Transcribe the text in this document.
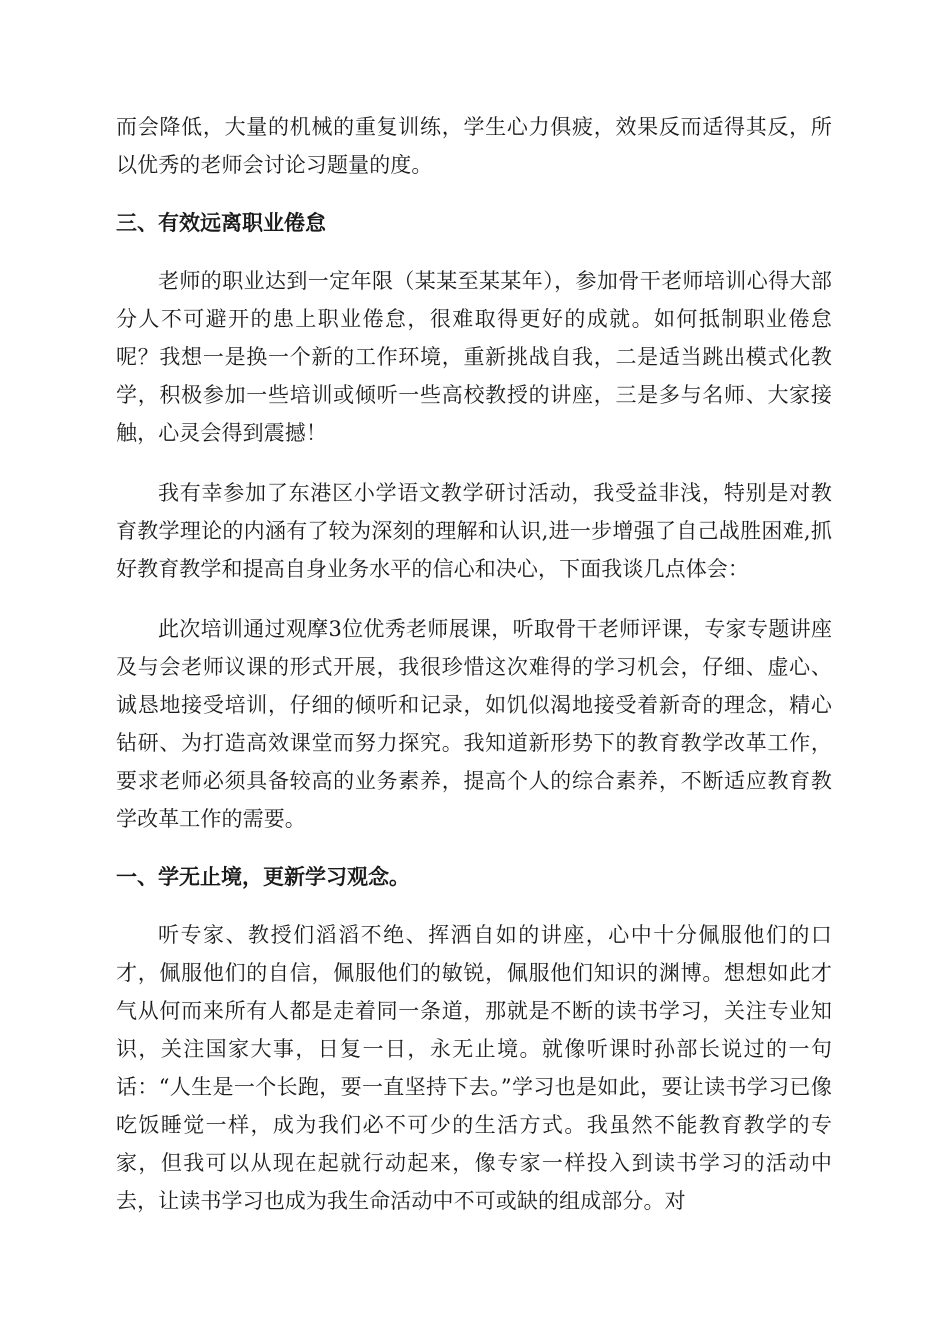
而会降低，大量的机械的重复训练，学生心力俱疲，效果反而适得其反，所以优秀的老师会讨论习题量的度。

三、有效远离职业倦怠

老师的职业达到一定年限（某某至某某年），参加骨干老师培训心得大部分人不可避开的患上职业倦怠，很难取得更好的成就。如何抵制职业倦怠呢？我想一是换一个新的工作环境，重新挑战自我，二是适当跳出模式化教学，积极参加一些培训或倾听一些高校教授的讲座，三是多与名师、大家接触，心灵会得到震撼！

我有幸参加了东港区小学语文教学研讨活动，我受益非浅，特别是对教育教学理论的内涵有了较为深刻的理解和认识,进一步增强了自己战胜困难,抓好教育教学和提高自身业务水平的信心和决心，下面我谈几点体会：

此次培训通过观摩3位优秀老师展课，听取骨干老师评课，专家专题讲座及与会老师议课的形式开展，我很珍惜这次难得的学习机会，仔细、虚心、诚恳地接受培训，仔细的倾听和记录，如饥似渴地接受着新奇的理念，精心钻研、为打造高效课堂而努力探究。我知道新形势下的教育教学改革工作，要求老师必须具备较高的业务素养，提高个人的综合素养，不断适应教育教学改革工作的需要。

一、学无止境，更新学习观念。

听专家、教授们滔滔不绝、挥洒自如的讲座，心中十分佩服他们的口才，佩服他们的自信，佩服他们的敏锐，佩服他们知识的渊博。想想如此才气从何而来所有人都是走着同一条道，那就是不断的读书学习，关注专业知识，关注国家大事，日复一日，永无止境。就像听课时孙部长说过的一句话：“人生是一个长跑，要一直坚持下去。”学习也是如此，要让读书学习已像吃饭睡觉一样，成为我们必不可少的生活方式。我虽然不能教育教学的专家，但我可以从现在起就行动起来，像专家一样投入到读书学习的活动中去，让读书学习也成为我生命活动中不可或缺的组成部分。对
